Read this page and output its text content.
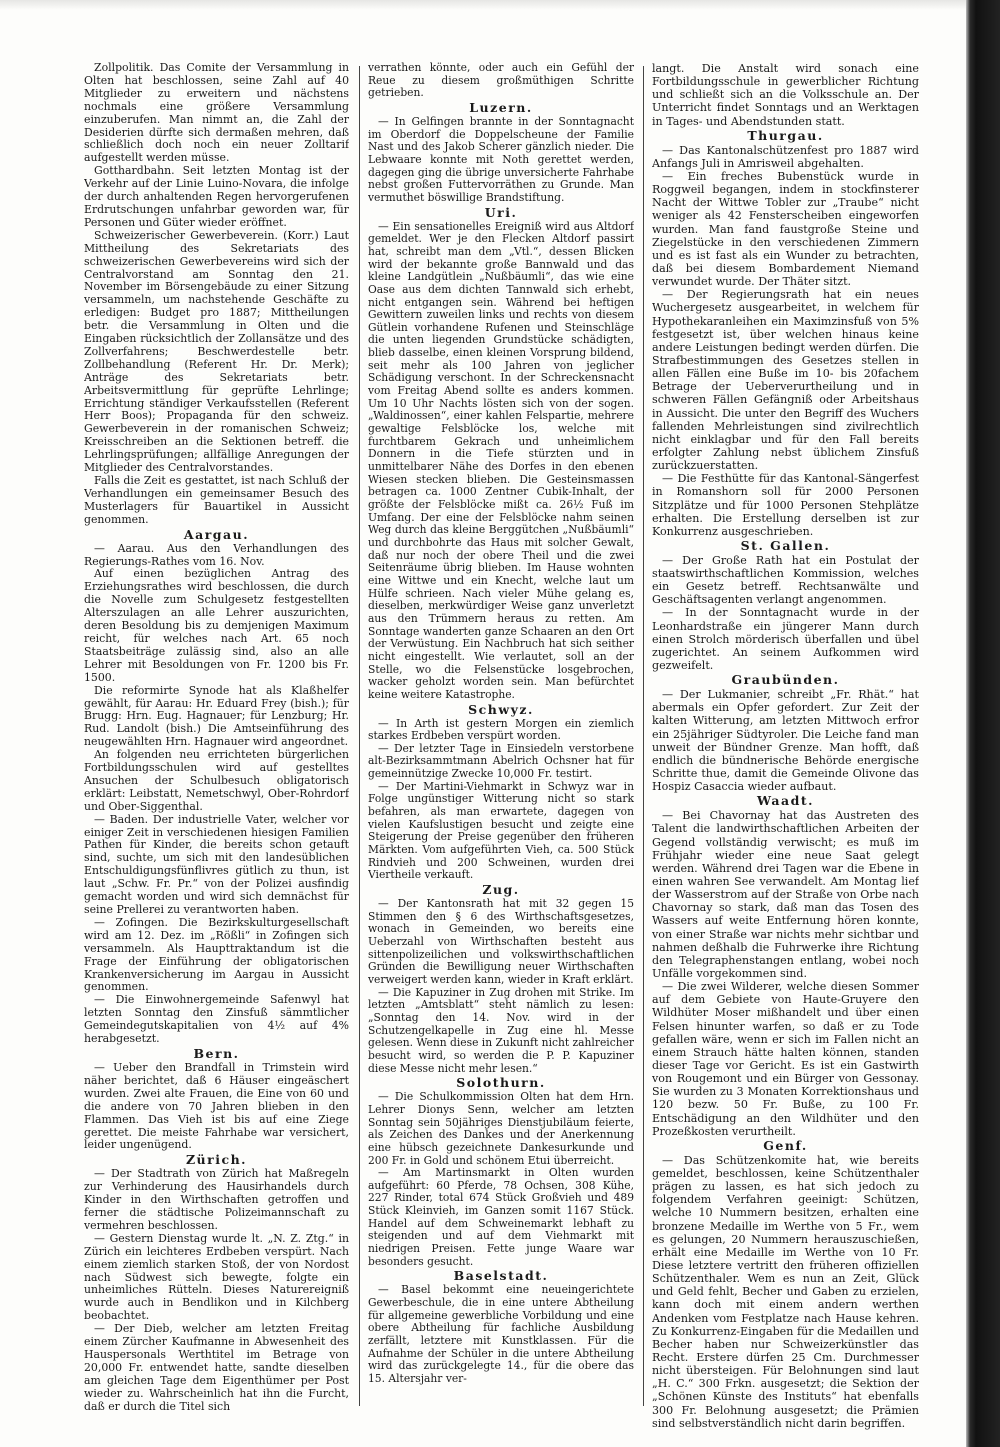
Zollpolitik. Das Comite der Versammlung in Olten hat beschlossen, seine Zahl auf 40 Mitglieder zu erweitern und nächstens nochmals eine größere Versammlung einzuberufen. Man nimmt an, die Zahl der Desiderien dürfte sich dermaßen mehren, daß schließlich doch noch ein neuer Zolltarif aufgestellt werden müsse.

Gotthardbahn. Seit letzten Montag ist der Verkehr auf der Linie Luino-Novara, die infolge der durch anhaltenden Regen hervorgerufenen Erdrutschungen unfahrbar geworden war, für Personen und Güter wieder eröffnet.

Schweizerischer Gewerbeverein. (Korr.) Laut Mittheilung des Sekretariats des schweizerischen Gewerbevereins wird sich der Centralvorstand am Sonntag den 21. November im Börsengebäude zu einer Sitzung versammeln, um nachstehende Geschäfte zu erledigen: Budget pro 1887; Mittheilungen betr. die Versammlung in Olten und die Eingaben rücksichtlich der Zollansätze und des Zollverfahrens; Beschwerdestelle betr. Zollbehandlung (Referent Hr. Dr. Merk); Anträge des Sekretariats betr. Arbeitsvermittlung für geprüfte Lehrlinge; Errichtung ständiger Verkaufsstellen (Referent Herr Boos); Propaganda für den schweiz. Gewerbeverein in der romanischen Schweiz; Kreisschreiben an die Sektionen betreff. die Lehrlingsprüfungen; allfällige Anregungen der Mitglieder des Centralvorstandes.

Falls die Zeit es gestattet, ist nach Schluß der Verhandlungen ein gemeinsamer Besuch des Musterlagers für Bauartikel in Aussicht genommen.

Aargau.

— Aarau. Aus den Verhandlungen des Regierungs-Rathes vom 16. Nov.

Auf einen bezüglichen Antrag des Erziehungsrathes wird beschlossen, die durch die Novelle zum Schulgesetz festgestellten Alterszulagen an alle Lehrer auszurichten, deren Besoldung bis zu demjenigen Maximum reicht, für welches nach Art. 65 noch Staatsbeiträge zulässig sind, also an alle Lehrer mit Besoldungen von Fr. 1200 bis Fr. 1500.

Die reformirte Synode hat als Klaßhelfer gewählt, für Aarau: Hr. Eduard Frey (bish.); für Brugg: Hrn. Eug. Hagnauer; für Lenzburg; Hr. Rud. Landolt (bish.) Die Amtseinführung des neugewählten Hrn. Hagnauer wird angeordnet.

An folgenden neu errichteten bürgerlichen Fortbildungsschulen wird auf gestelltes Ansuchen der Schulbesuch obligatorisch erklärt: Leibstatt, Nemetschwyl, Ober-Rohrdorf und Ober-Siggenthal.

— Baden. Der industrielle Vater, welcher vor einiger Zeit in verschiedenen hiesigen Familien Pathen für Kinder, die bereits schon getauft sind, suchte, um sich mit den landesüblichen Entschuldigungsfünflivres gütlich zu thun, ist laut „Schw. Fr. Pr.“ von der Polizei ausfindig gemacht worden und wird sich demnächst für seine Prellerei zu verantworten haben.

— Zofingen. Die Bezirkskulturgesellschaft wird am 12. Dez. im „Rößli“ in Zofingen sich versammeln. Als Haupttraktandum ist die Frage der Einführung der obligatorischen Krankenversicherung im Aargau in Aussicht genommen.

— Die Einwohnergemeinde Safenwyl hat letzten Sonntag den Zinsfuß sämmtlicher Gemeindegutskapitalien von 4½ auf 4% herabgesetzt.

Bern.

— Ueber den Brandfall in Trimstein wird näher berichtet, daß 6 Häuser eingeäschert wurden. Zwei alte Frauen, die Eine von 60 und die andere von 70 Jahren blieben in den Flammen. Das Vieh ist bis auf eine Ziege gerettet. Die meiste Fahrhabe war versichert, leider ungenügend.

Zürich.

— Der Stadtrath von Zürich hat Maßregeln zur Verhinderung des Hausirhandels durch Kinder in den Wirthschaften getroffen und ferner die städtische Polizeimannschaft zu vermehren beschlossen.

— Gestern Dienstag wurde lt. „N. Z. Ztg.“ in Zürich ein leichteres Erdbeben verspürt. Nach einem ziemlich starken Stoß, der von Nordost nach Südwest sich bewegte, folgte ein unheimliches Rütteln. Dieses Naturereigniß wurde auch in Bendlikon und in Kilchberg beobachtet.

— Der Dieb, welcher am letzten Freitag einem Zürcher Kaufmanne in Abwesenheit des Hauspersonals Werthtitel im Betrage von 20,000 Fr. entwendet hatte, sandte dieselben am gleichen Tage dem Eigenthümer per Post wieder zu. Wahrscheinlich hat ihn die Furcht, daß er durch die Titel sich

verrathen könnte, oder auch ein Gefühl der Reue zu diesem großmüthigen Schritte getrieben.

Luzern.

— In Gelfingen brannte in der Sonntagnacht im Oberdorf die Doppelscheune der Familie Nast und des Jakob Scherer gänzlich nieder. Die Lebwaare konnte mit Noth gerettet werden, dagegen ging die übrige unversicherte Fahrhabe nebst großen Futtervorräthen zu Grunde. Man vermuthet böswillige Brandstiftung.

Uri.

— Ein sensationelles Ereigniß wird aus Altdorf gemeldet. Wer je den Flecken Altdorf passirt hat, schreibt man dem „Vtl.“, dessen Blicken wird der bekannte große Bannwald und das kleine Landgütlein „Nußbäumli“, das wie eine Oase aus dem dichten Tannwald sich erhebt, nicht entgangen sein. Während bei heftigen Gewittern zuweilen links und rechts von diesem Gütlein vorhandene Rufenen und Steinschläge die unten liegenden Grundstücke schädigten, blieb dasselbe, einen kleinen Vorsprung bildend, seit mehr als 100 Jahren von jeglicher Schädigung verschont. In der Schreckensnacht vom Freitag Abend sollte es anders kommen. Um 10 Uhr Nachts lösten sich von der sogen. „Waldinossen“, einer kahlen Felspartie, mehrere gewaltige Felsblöcke los, welche mit furchtbarem Gekrach und unheimlichem Donnern in die Tiefe stürzten und in unmittelbarer Nähe des Dorfes in den ebenen Wiesen stecken blieben. Die Gesteinsmassen betragen ca. 1000 Zentner Cubik-Inhalt, der größte der Felsblöcke mißt ca. 26½ Fuß im Umfang. Der eine der Felsblöcke nahm seinen Weg durch das kleine Berggütchen „Nußbäumli“ und durchbohrte das Haus mit solcher Gewalt, daß nur noch der obere Theil und die zwei Seitenräume übrig blieben. Im Hause wohnten eine Wittwe und ein Knecht, welche laut um Hülfe schrieen. Nach vieler Mühe gelang es, dieselben, merkwürdiger Weise ganz unverletzt aus den Trümmern heraus zu retten. Am Sonntage wanderten ganze Schaaren an den Ort der Verwüstung. Ein Nachbruch hat sich seither nicht eingestellt. Wie verlautet, soll an der Stelle, wo die Felsenstücke losgebrochen, wacker geholzt worden sein. Man befürchtet keine weitere Katastrophe.

Schwyz.

— In Arth ist gestern Morgen ein ziemlich starkes Erdbeben verspürt worden.

— Der letzter Tage in Einsiedeln verstorbene alt-Bezirksammtmann Abelrich Ochsner hat für gemeinnützige Zwecke 10,000 Fr. testirt.

— Der Martini-Viehmarkt in Schwyz war in Folge ungünstiger Witterung nicht so stark befahren, als man erwartete, dagegen von vielen Kaufslustigen besucht und zeigte eine Steigerung der Preise gegenüber den früheren Märkten. Vom aufgeführten Vieh, ca. 500 Stück Rindvieh und 200 Schweinen, wurden drei Viertheile verkauft.

Zug.

— Der Kantonsrath hat mit 32 gegen 15 Stimmen den § 6 des Wirthschaftsgesetzes, wonach in Gemeinden, wo bereits eine Ueberzahl von Wirthschaften besteht aus sittenpolizeilichen und volkswirthschaftlichen Gründen die Bewilligung neuer Wirthschaften verweigert werden kann, wieder in Kraft erklärt.

— Die Kapuziner in Zug drohen mit Strike. Im letzten „Amtsblatt“ steht nämlich zu lesen: „Sonntag den 14. Nov. wird in der Schutzengelkapelle in Zug eine hl. Messe gelesen. Wenn diese in Zukunft nicht zahlreicher besucht wird, so werden die P. P. Kapuziner diese Messe nicht mehr lesen.“

Solothurn.

— Die Schulkommission Olten hat dem Hrn. Lehrer Dionys Senn, welcher am letzten Sonntag sein 50jähriges Dienstjubiläum feierte, als Zeichen des Dankes und der Anerkennung eine hübsch gezeichnete Dankesurkunde und 200 Fr. in Gold und schönem Etui überreicht.

— Am Martinsmarkt in Olten wurden aufgeführt: 60 Pferde, 78 Ochsen, 308 Kühe, 227 Rinder, total 674 Stück Großvieh und 489 Stück Kleinvieh, im Ganzen somit 1167 Stück. Handel auf dem Schweinemarkt lebhaft zu steigenden und auf dem Viehmarkt mit niedrigen Preisen. Fette junge Waare war besonders gesucht.

Baselstadt.

— Basel bekommt eine neueingerichtete Gewerbeschule, die in eine untere Abtheilung für allgemeine gewerbliche Vorbildung und eine obere Abtheilung für fachliche Ausbildung zerfällt, letztere mit Kunstklassen. Für die Aufnahme der Schüler in die untere Abtheilung wird das zurückgelegte 14., für die obere das 15. Altersjahr ver-

langt. Die Anstalt wird sonach eine Fortbildungsschule in gewerblicher Richtung und schließt sich an die Volksschule an. Der Unterricht findet Sonntags und an Werktagen in Tages- und Abendstunden statt.

Thurgau.

— Das Kantonalschützenfest pro 1887 wird Anfangs Juli in Amrisweil abgehalten.

— Ein freches Bubenstück wurde in Roggweil begangen, indem in stockfinsterer Nacht der Wittwe Tobler zur „Traube“ nicht weniger als 42 Fensterscheiben eingeworfen wurden. Man fand faustgroße Steine und Ziegelstücke in den verschiedenen Zimmern und es ist fast als ein Wunder zu betrachten, daß bei diesem Bombardement Niemand verwundet wurde. Der Thäter sitzt.

— Der Regierungsrath hat ein neues Wuchergesetz ausgearbeitet, in welchem für Hypothekaranleihen ein Maximzinsfuß von 5% festgesetzt ist, über welchen hinaus keine andere Leistungen bedingt werden dürfen. Die Strafbestimmungen des Gesetzes stellen in allen Fällen eine Buße im 10- bis 20fachem Betrage der Ueberverurtheilung und in schweren Fällen Gefängniß oder Arbeitshaus in Aussicht. Die unter den Begriff des Wuchers fallenden Mehrleistungen sind zivilrechtlich nicht einklagbar und für den Fall bereits erfolgter Zahlung nebst üblichem Zinsfuß zurückzuerstatten.

— Die Festhütte für das Kantonal-Sängerfest in Romanshorn soll für 2000 Personen Sitzplätze und für 1000 Personen Stehplätze erhalten. Die Erstellung derselben ist zur Konkurrenz ausgeschrieben.

St. Gallen.

— Der Große Rath hat ein Postulat der staatswirthschaftlichen Kommission, welches ein Gesetz betreff. Rechtsanwälte und Geschäftsagenten verlangt angenommen.

— In der Sonntagnacht wurde in der Leonhardstraße ein jüngerer Mann durch einen Strolch mörderisch überfallen und übel zugerichtet. An seinem Aufkommen wird gezweifelt.

Graubünden.

— Der Lukmanier, schreibt „Fr. Rhät.“ hat abermals ein Opfer gefordert. Zur Zeit der kalten Witterung, am letzten Mittwoch erfror ein 25jähriger Südtyroler. Die Leiche fand man unweit der Bündner Grenze. Man hofft, daß endlich die bündnerische Behörde energische Schritte thue, damit die Gemeinde Olivone das Hospiz Casaccia wieder aufbaut.

Waadt.

— Bei Chavornay hat das Austreten des Talent die landwirthschaftlichen Arbeiten der Gegend vollständig verwischt; es muß im Frühjahr wieder eine neue Saat gelegt werden. Während drei Tagen war die Ebene in einen wahren See verwandelt. Am Montag lief der Wasserstrom auf der Straße von Orbe nach Chavornay so stark, daß man das Tosen des Wassers auf weite Entfernung hören konnte, von einer Straße war nichts mehr sichtbar und nahmen deßhalb die Fuhrwerke ihre Richtung den Telegraphenstangen entlang, wobei noch Unfälle vorgekommen sind.

— Die zwei Wilderer, welche diesen Sommer auf dem Gebiete von Haute-Gruyere den Wildhüter Moser mißhandelt und über einen Felsen hinunter warfen, so daß er zu Tode gefallen wäre, wenn er sich im Fallen nicht an einem Strauch hätte halten können, standen dieser Tage vor Gericht. Es ist ein Gastwirth von Rougemont und ein Bürger von Gessonay. Sie wurden zu 3 Monaten Korrektionshaus und 120 bezw. 50 Fr. Buße, zu 100 Fr. Entschädigung an den Wildhüter und den Prozeßkosten verurtheilt.

Genf.

— Das Schützenkomite hat, wie bereits gemeldet, beschlossen, keine Schützenthaler prägen zu lassen, es hat sich jedoch zu folgendem Verfahren geeinigt: Schützen, welche 10 Nummern besitzen, erhalten eine bronzene Medaille im Werthe von 5 Fr., wem es gelungen, 20 Nummern herauszuschießen, erhält eine Medaille im Werthe von 10 Fr. Diese letztere vertritt den früheren offiziellen Schützenthaler. Wem es nun an Zeit, Glück und Geld fehlt, Becher und Gaben zu erzielen, kann doch mit einem andern werthen Andenken vom Festplatze nach Hause kehren. Zu Konkurrenz-Eingaben für die Medaillen und Becher haben nur Schweizerkünstler das Recht. Erstere dürfen 25 Cm. Durchmesser nicht übersteigen. Für Belohnungen sind laut „H. C.“ 300 Frkn. ausgesetzt; die Sektion der „Schönen Künste des Instituts“ hat ebenfalls 300 Fr. Belohnung ausgesetzt; die Prämien sind selbstverständlich nicht darin begriffen.
